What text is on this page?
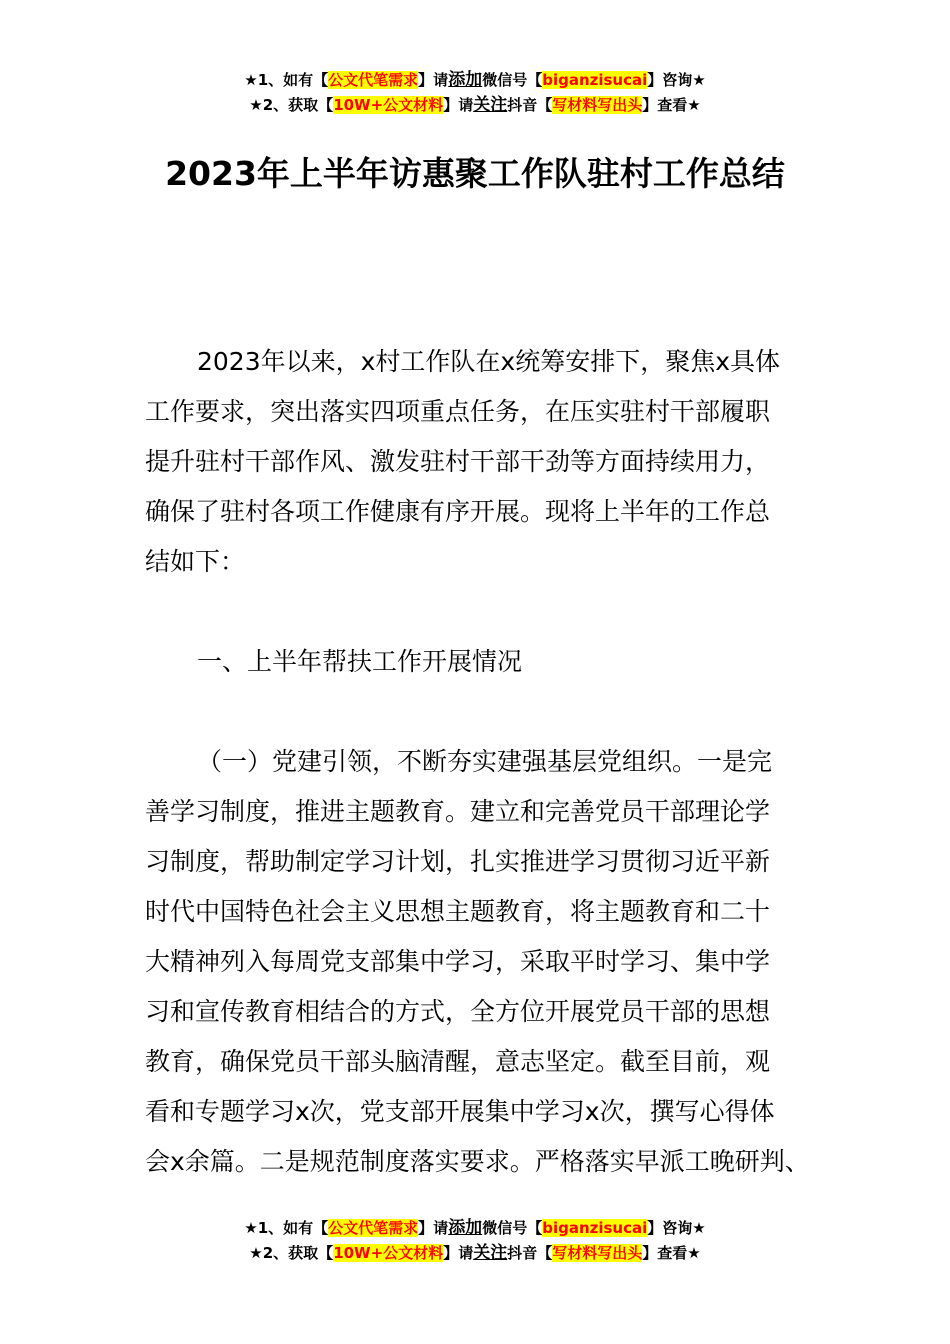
★1、如有【公文代笔需求】请添加微信号【biganzisucai】咨询★
★2、获取【10W+公文材料】请关注抖音【写材料写出头】查看★
2023年上半年访惠聚工作队驻村工作总结
2023年以来，x村工作队在x统筹安排下，聚焦x具体
工作要求，突出落实四项重点任务，在压实驻村干部履职
提升驻村干部作风、激发驻村干部干劲等方面持续用力，
确保了驻村各项工作健康有序开展。现将上半年的工作总
结如下：
一、上半年帮扶工作开展情况
（一）党建引领，不断夯实建强基层党组织。一是完
善学习制度，推进主题教育。建立和完善党员干部理论学
习制度，帮助制定学习计划，扎实推进学习贯彻习近平新
时代中国特色社会主义思想主题教育，将主题教育和二十
大精神列入每周党支部集中学习，采取平时学习、集中学
习和宣传教育相结合的方式，全方位开展党员干部的思想
教育，确保党员干部头脑清醒，意志坚定。截至目前，观
看和专题学习x次，党支部开展集中学习x次，撰写心得体
会x余篇。二是规范制度落实要求。严格落实早派工晚研判、
★1、如有【公文代笔需求】请添加微信号【biganzisucai】咨询★
★2、获取【10W+公文材料】请关注抖音【写材料写出头】查看★
